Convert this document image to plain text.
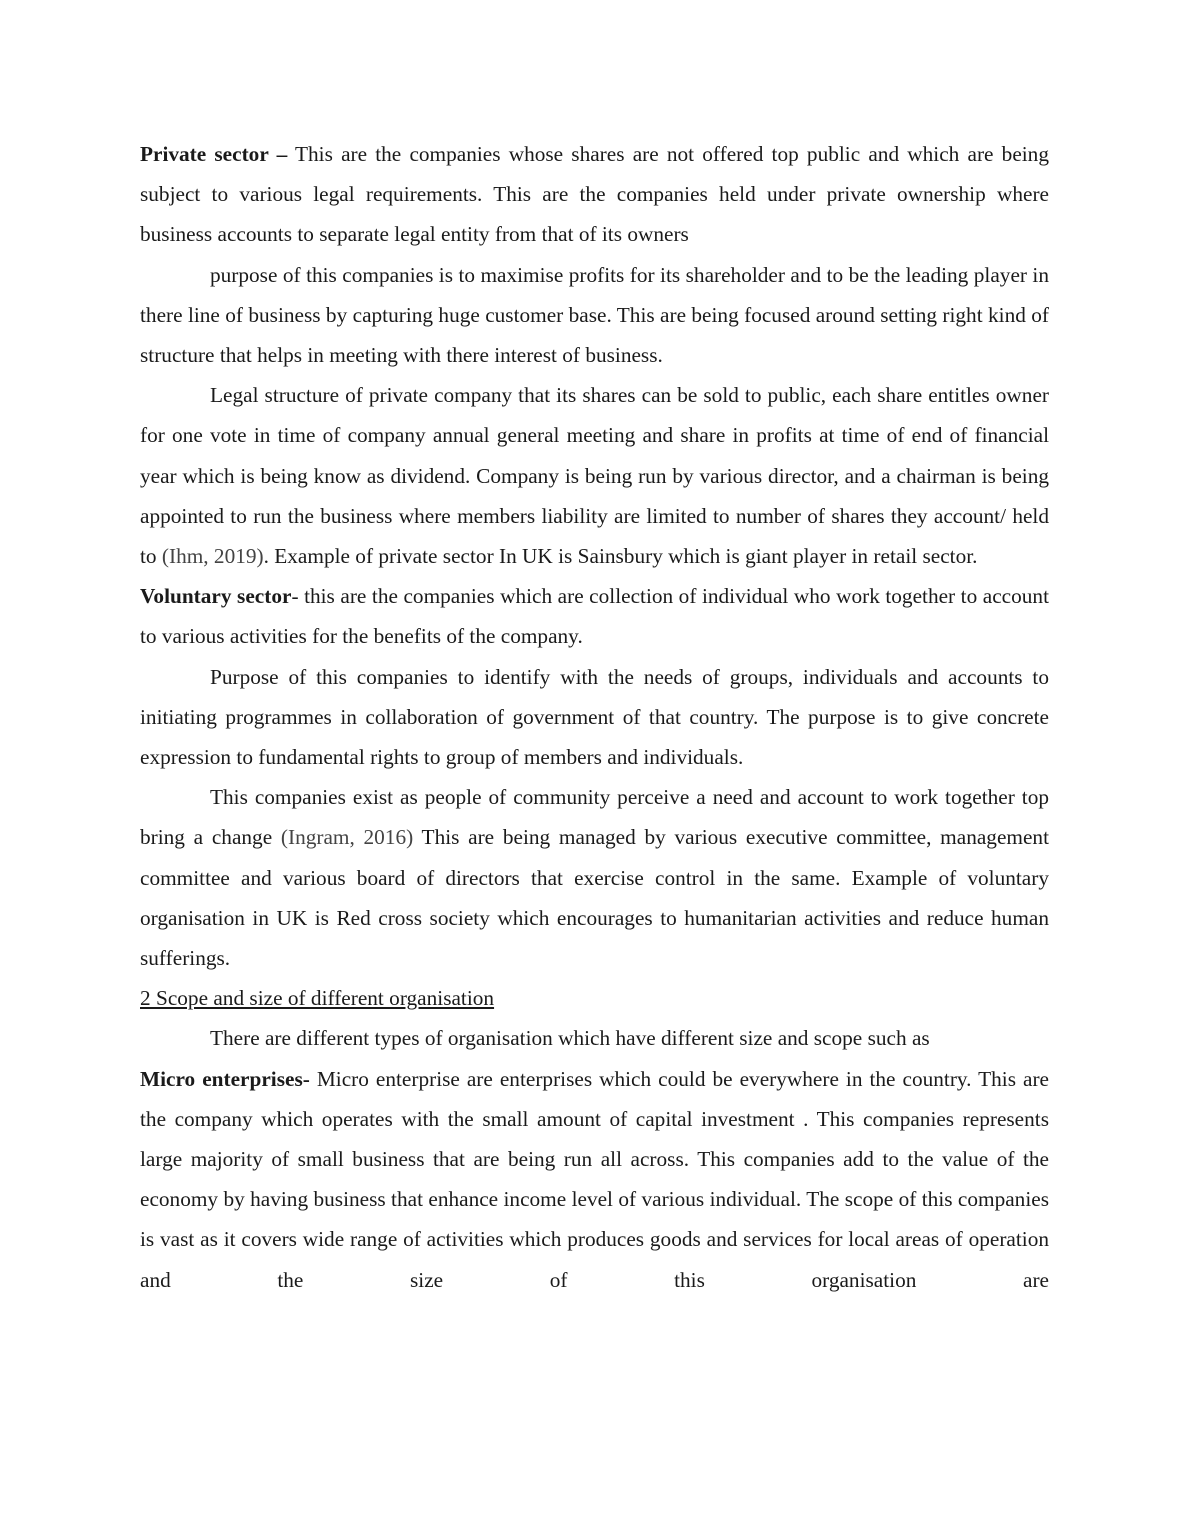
Private sector – This are the companies whose shares are not offered top public and which are being subject to various legal requirements. This are the companies held under private ownership where business accounts to separate legal entity from that of its owners

purpose of this companies is to maximise profits for its shareholder and to be the leading player in there line of business by capturing huge customer base. This are being focused around setting right kind of structure that helps in meeting with there interest of business.

Legal structure of private company that its shares can be sold to public, each share entitles owner for one vote in time of company annual general meeting and share in profits at time of end of financial year which is being know as dividend. Company is being run by various director, and a chairman is being appointed to run the business where members liability are limited to number of shares they account/ held to (Ihm, 2019). Example of private sector In UK is Sainsbury which is giant player in retail sector.

Voluntary sector- this are the companies which are collection of individual who work together to account to various activities for the benefits of the company.

Purpose of this companies to identify with the needs of groups, individuals and accounts to initiating programmes in collaboration of government of that country. The purpose is to give concrete expression to fundamental rights to group of members and individuals.

This companies exist as people of community perceive a need and account to work together top bring a change (Ingram, 2016) This are being managed by various executive committee, management committee and various board of directors that exercise control in the same. Example of voluntary organisation in UK is Red cross society which encourages to humanitarian activities and reduce human sufferings.

2 Scope and size of different organisation

There are different types of organisation which have different size and scope such as

Micro enterprises- Micro enterprise are enterprises which could be everywhere in the country. This are the company which operates with the small amount of capital investment . This companies represents large majority of small business that are being run all across. This companies add to the value of the economy by having business that enhance income level of various individual. The scope of this companies is vast as it covers wide range of activities which produces goods and services for local areas of operation and the size of this organisation are
